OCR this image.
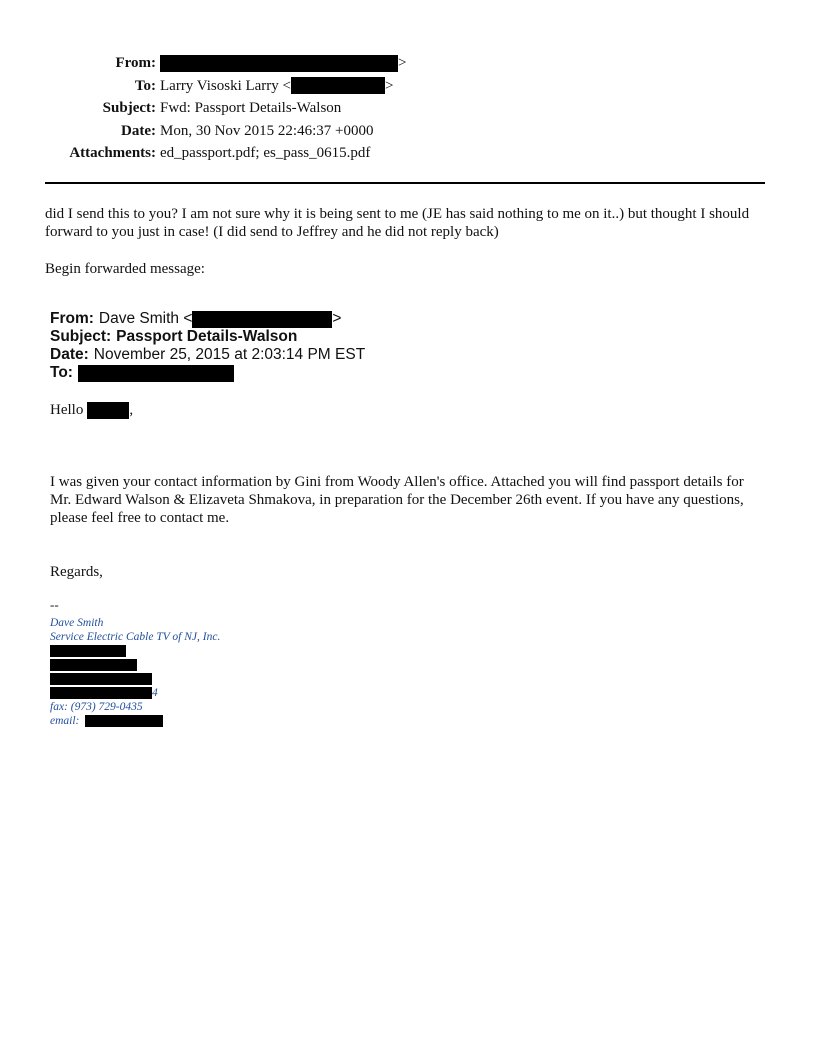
From:	>
To: Larry Visoski Larry <	>
Subject: Fwd: Passport Details-Walson
Date: Mon, 30 Nov 2015 22:46:37 +0000
Attachments: ed_passport.pdf; es_pass_0615.pdf
did I send this to you? I am not sure why it is being sent to me (JE has said nothing to me on it..) but thought I should forward to you just in case! (I did send to Jeffrey and he did not reply back)
Begin forwarded message:
From: Dave Smith <	>
Subject: Passport Details-Walson
Date: November 25, 2015 at 2:03:14 PM EST
To:
Hello	,
I was given your contact information by Gini from Woody Allen's office. Attached you will find passport details for Mr. Edward Walson & Elizaveta Shmakova, in preparation for the December 26th event. If you have any questions, please feel free to contact me.
Regards,
--
Dave Smith
Service Electric Cable TV of NJ, Inc.
4
fax: (973) 729-0435
email:
